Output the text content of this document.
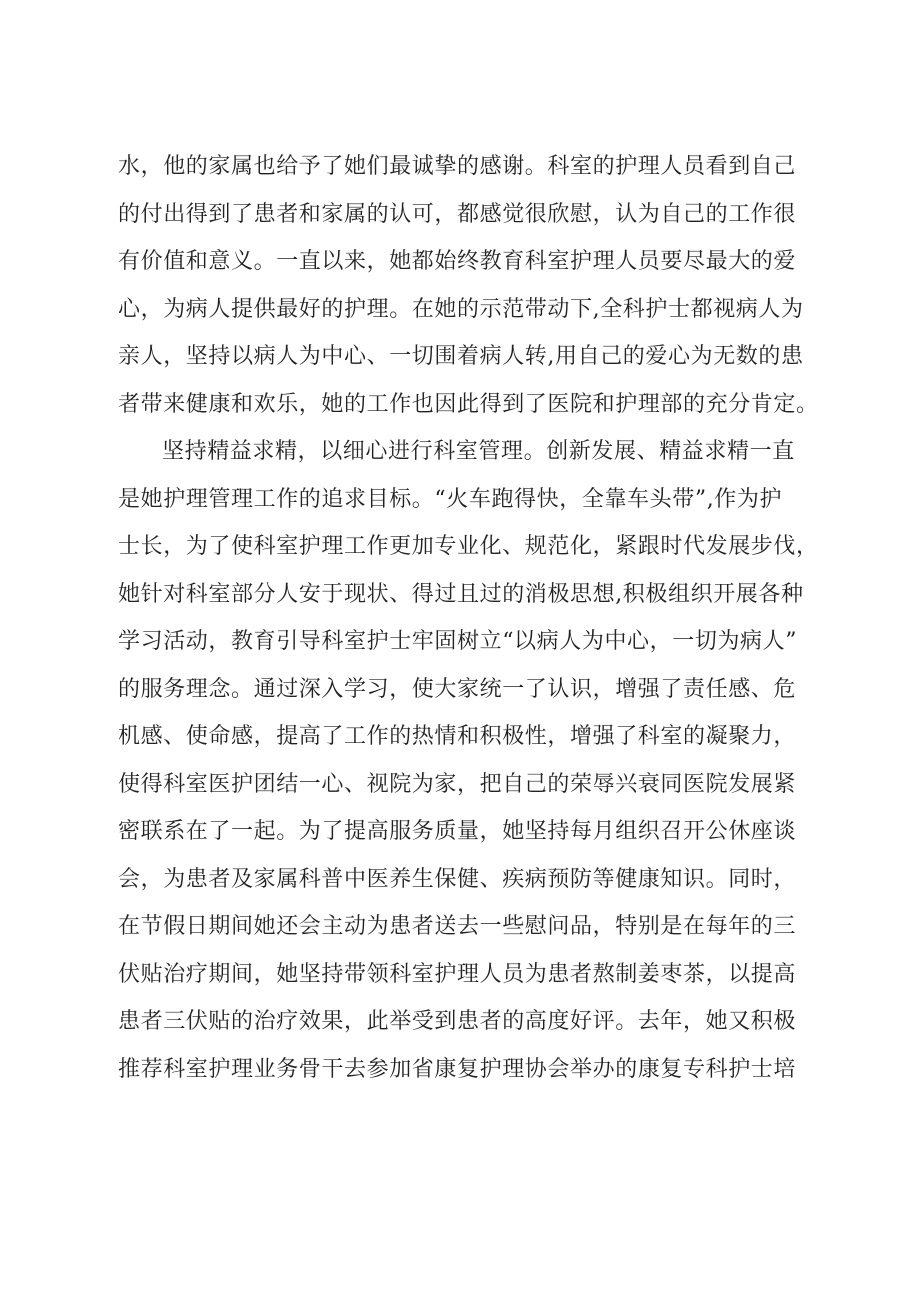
水，他的家属也给予了她们最诚挚的感谢。科室的护理人员看到自己
的付出得到了患者和家属的认可，都感觉很欣慰，认为自己的工作很
有价值和意义。一直以来，她都始终教育科室护理人员要尽最大的爱
心，为病人提供最好的护理。在她的示范带动下,全科护士都视病人为
亲人，坚持以病人为中心、一切围着病人转,用自己的爱心为无数的患
者带来健康和欢乐，她的工作也因此得到了医院和护理部的充分肯定。
坚持精益求精，以细心进行科室管理。创新发展、精益求精一直
是她护理管理工作的追求目标。“火车跑得快，全靠车头带”,作为护
士长，为了使科室护理工作更加专业化、规范化，紧跟时代发展步伐，
她针对科室部分人安于现状、得过且过的消极思想,积极组织开展各种
学习活动，教育引导科室护士牢固树立“以病人为中心，一切为病人”
的服务理念。通过深入学习，使大家统一了认识，增强了责任感、危
机感、使命感，提高了工作的热情和积极性，增强了科室的凝聚力，
使得科室医护团结一心、视院为家，把自己的荣辱兴衰同医院发展紧
密联系在了一起。为了提高服务质量，她坚持每月组织召开公休座谈
会，为患者及家属科普中医养生保健、疾病预防等健康知识。同时，
在节假日期间她还会主动为患者送去一些慰问品，特别是在每年的三
伏贴治疗期间，她坚持带领科室护理人员为患者熬制姜枣茶，以提高
患者三伏贴的治疗效果，此举受到患者的高度好评。去年，她又积极
推荐科室护理业务骨干去参加省康复护理协会举办的康复专科护士培
